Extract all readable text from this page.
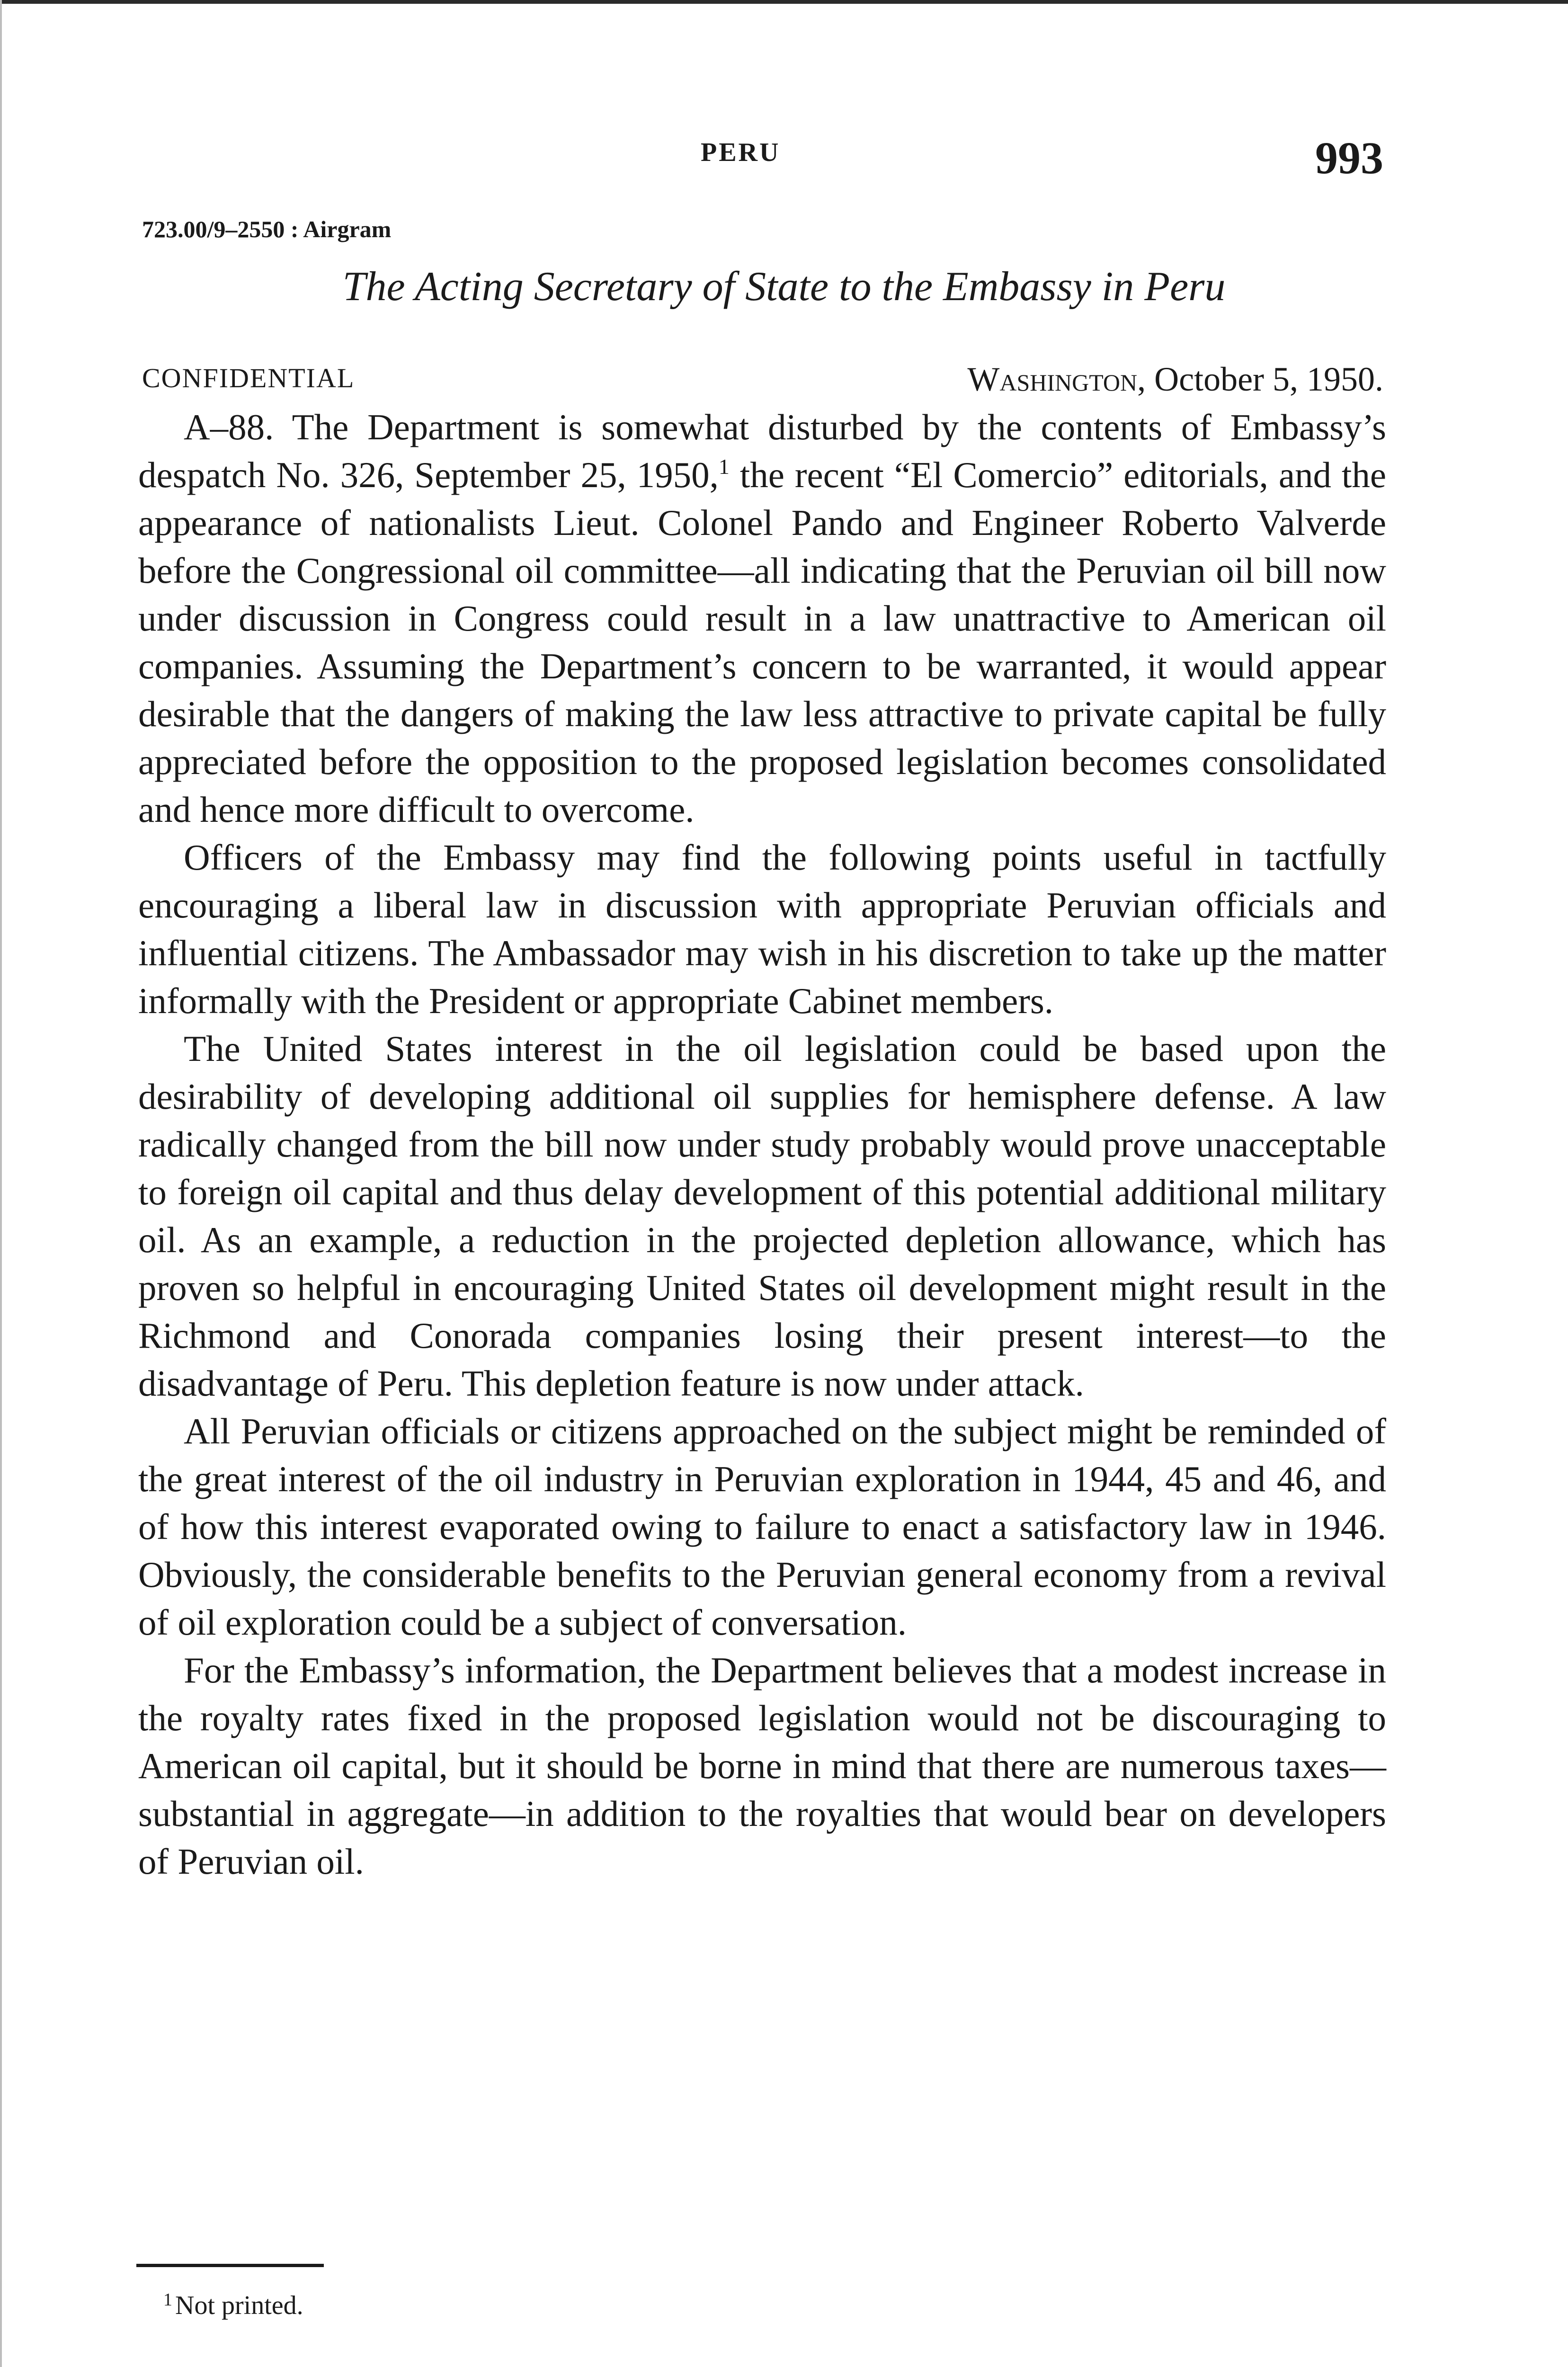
PERU	993
723.00/9–2550 : Airgram
The Acting Secretary of State to the Embassy in Peru
CONFIDENTIAL	Washington, October 5, 1950.

A–88. The Department is somewhat disturbed by the contents of Embassy’s despatch No. 326, September 25, 1950,$^1$ the recent “El Comercio” editorials, and the appearance of nationalists Lieut. Colonel Pando and Engineer Roberto Valverde before the Congressional oil committee—all indicating that the Peruvian oil bill now under discussion in Congress could result in a law unattractive to American oil companies. Assuming the Department’s concern to be warranted, it would appear desirable that the dangers of making the law less attractive to private capital be fully appreciated before the opposition to the proposed legislation becomes consolidated and hence more difficult to overcome.

Officers of the Embassy may find the following points useful in tactfully encouraging a liberal law in discussion with appropriate Peruvian officials and influential citizens. The Ambassador may wish in his discretion to take up the matter informally with the President or appropriate Cabinet members.

The United States interest in the oil legislation could be based upon the desirability of developing additional oil supplies for hemisphere defense. A law radically changed from the bill now under study probably would prove unacceptable to foreign oil capital and thus delay development of this potential additional military oil. As an example, a reduction in the projected depletion allowance, which has proven so helpful in encouraging United States oil development might result in the Richmond and Conorada companies losing their present interest—to the disadvantage of Peru. This depletion feature is now under attack.

All Peruvian officials or citizens approached on the subject might be reminded of the great interest of the oil industry in Peruvian exploration in 1944, 45 and 46, and of how this interest evaporated owing to failure to enact a satisfactory law in 1946. Obviously, the considerable benefits to the Peruvian general economy from a revival of oil exploration could be a subject of conversation.

For the Embassy’s information, the Department believes that a modest increase in the royalty rates fixed in the proposed legislation would not be discouraging to American oil capital, but it should be borne in mind that there are numerous taxes—substantial in aggregate—in addition to the royalties that would bear on developers of Peruvian oil.

$^1$ Not printed.
